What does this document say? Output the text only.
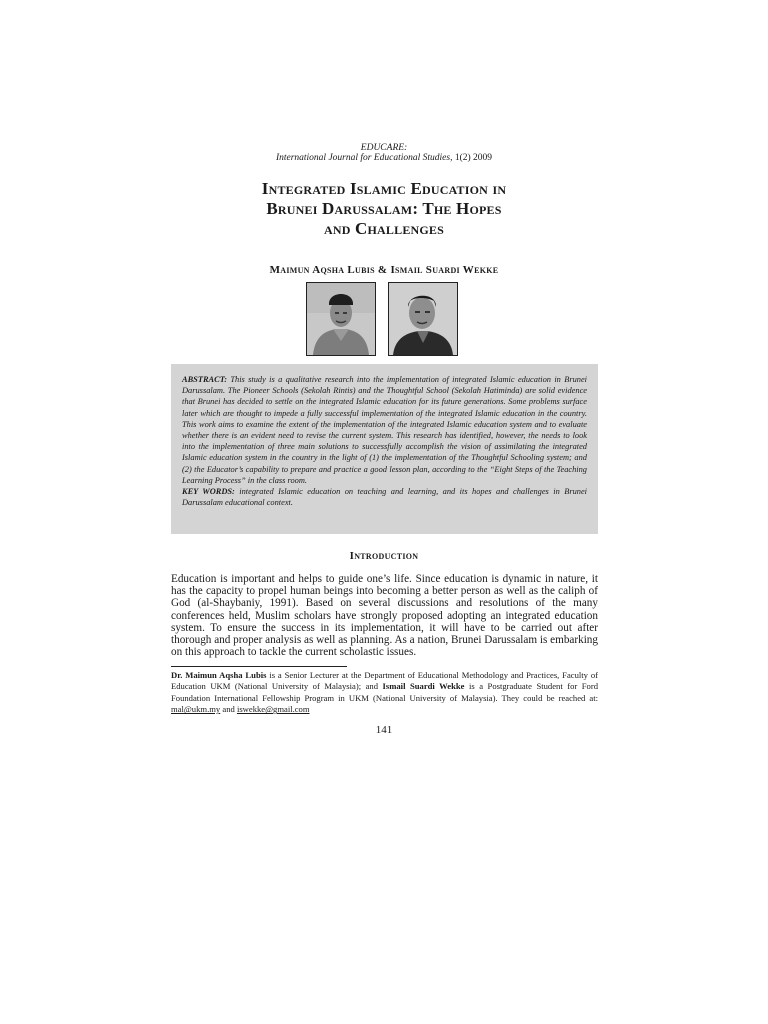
EDUCARE:
International Journal for Educational Studies, 1(2) 2009
Integrated Islamic Education in
Brunei Darussalam: The Hopes
and Challenges
Maimun Aqsha Lubis & Ismail Suardi Wekke
ABSTRACT: This study is a qualitative research into the implementation of integrated Islamic education in Brunei Darussalam. The Pioneer Schools (Sekolah Rintis) and the Thoughtful School (Sekolah Hatiminda) are solid evidence that Brunei has decided to settle on the integrated Islamic education for its future generations. Some problems surface later which are thought to impede a fully successful implementation of the integrated Islamic education in the country. This work aims to examine the extent of the implementation of the integrated Islamic education system and to evaluate whether there is an evident need to revise the current system. This research has identified, however, the needs to look into the implementation of three main solutions to successfully accomplish the vision of assimilating the integrated Islamic education system in the country in the light of (1) the implementation of the Thoughtful Schooling system; and (2) the Educator’s capability to prepare and practice a good lesson plan, according to the “Eight Steps of the Teaching Learning Process” in the class room.
KEY WORDS: integrated Islamic education on teaching and learning, and its hopes and challenges in Brunei Darussalam educational context.
Introduction
Education is important and helps to guide one’s life. Since education is dynamic in nature, it has the capacity to propel human beings into becoming a better person as well as the caliph of God (al-Shaybaniy, 1991). Based on several discussions and resolutions of the many conferences held, Muslim scholars have strongly proposed adopting an integrated education system. To ensure the success in its implementation, it will have to be carried out after thorough and proper analysis as well as planning. As a nation, Brunei Darussalam is embarking on this approach to tackle the current scholastic issues.
Dr. Maimun Aqsha Lubis is a Senior Lecturer at the Department of Educational Methodology and Practices, Faculty of Education UKM (National University of Malaysia); and Ismail Suardi Wekke is a Postgraduate Student for Ford Foundation International Fellowship Program in UKM (National University of Malaysia). They could be reached at: mal@ukm.my and iswekke@gmail.com
141
